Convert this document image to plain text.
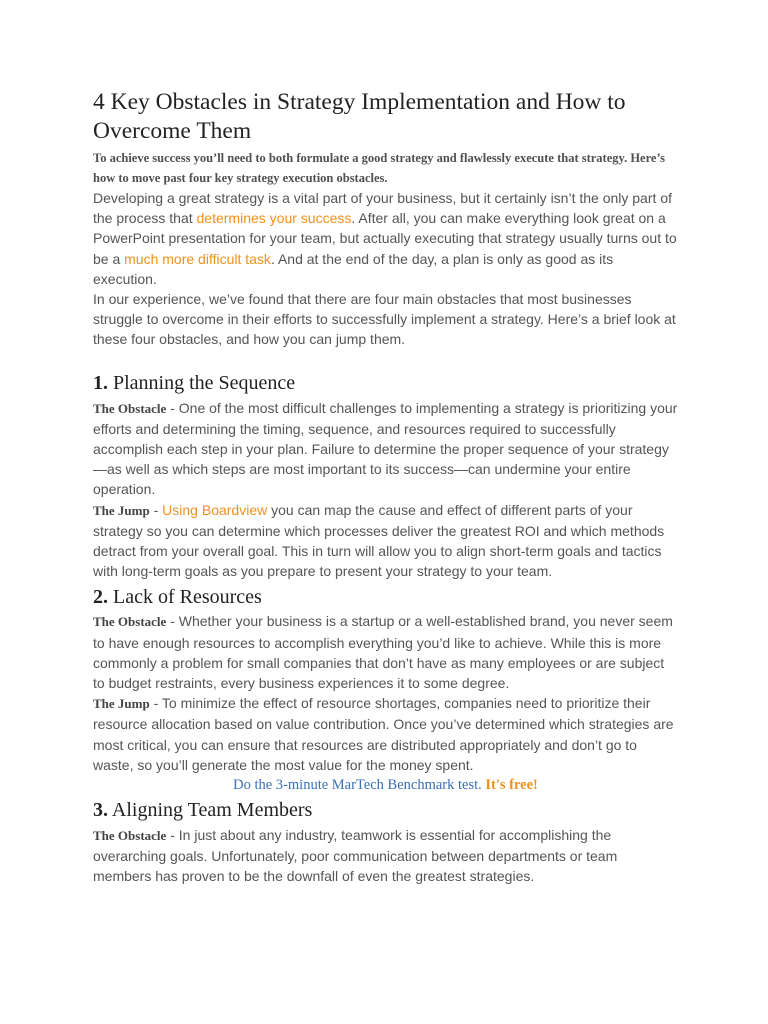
4 Key Obstacles in Strategy Implementation and How to Overcome Them

To achieve success you’ll need to both formulate a good strategy and flawlessly execute that strategy. Here’s how to move past four key strategy execution obstacles.

Developing a great strategy is a vital part of your business, but it certainly isn’t the only part of the process that determines your success. After all, you can make everything look great on a PowerPoint presentation for your team, but actually executing that strategy usually turns out to be a much more difficult task. And at the end of the day, a plan is only as good as its execution.

In our experience, we’ve found that there are four main obstacles that most businesses struggle to overcome in their efforts to successfully implement a strategy. Here’s a brief look at these four obstacles, and how you can jump them.

1. Planning the Sequence

The Obstacle - One of the most difficult challenges to implementing a strategy is prioritizing your efforts and determining the timing, sequence, and resources required to successfully accomplish each step in your plan. Failure to determine the proper sequence of your strategy—as well as which steps are most important to its success—can undermine your entire operation.

The Jump - Using Boardview you can map the cause and effect of different parts of your strategy so you can determine which processes deliver the greatest ROI and which methods detract from your overall goal. This in turn will allow you to align short-term goals and tactics with long-term goals as you prepare to present your strategy to your team.

2. Lack of Resources

The Obstacle - Whether your business is a startup or a well-established brand, you never seem to have enough resources to accomplish everything you’d like to achieve. While this is more commonly a problem for small companies that don’t have as many employees or are subject to budget restraints, every business experiences it to some degree.

The Jump - To minimize the effect of resource shortages, companies need to prioritize their resource allocation based on value contribution. Once you’ve determined which strategies are most critical, you can ensure that resources are distributed appropriately and don’t go to waste, so you’ll generate the most value for the money spent.

Do the 3-minute MarTech Benchmark test. It's free!

3. Aligning Team Members

The Obstacle - In just about any industry, teamwork is essential for accomplishing the overarching goals. Unfortunately, poor communication between departments or team members has proven to be the downfall of even the greatest strategies.
